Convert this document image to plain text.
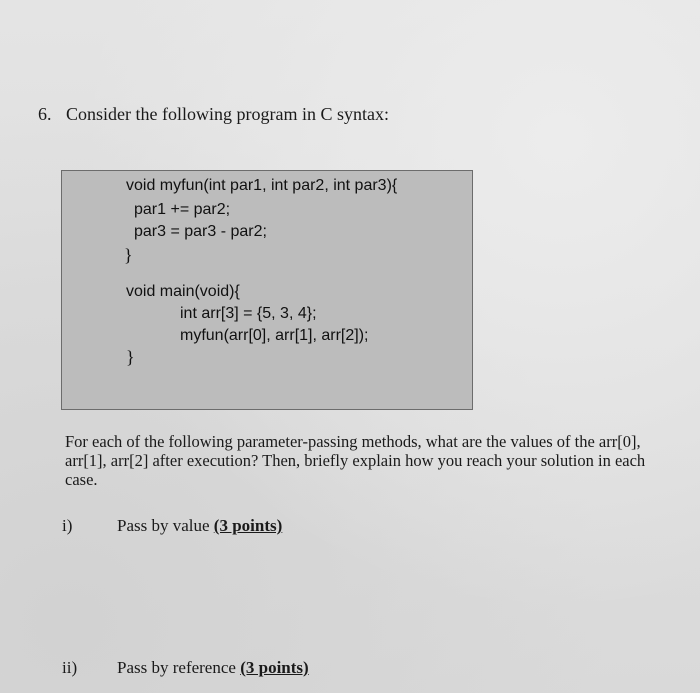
6. Consider the following program in C syntax:
void myfun(int par1, int par2, int par3){
par1 += par2;
par3 = par3 - par2;
}
void main(void){
int arr[3] = {5, 3, 4};
myfun(arr[0], arr[1], arr[2]);
}
For each of the following parameter-passing methods, what are the values of the arr[0],
arr[1], arr[2] after execution? Then, briefly explain how you reach your solution in each
case.
i)	Pass by value (3 points)
ii) Pass by reference (3 points)
